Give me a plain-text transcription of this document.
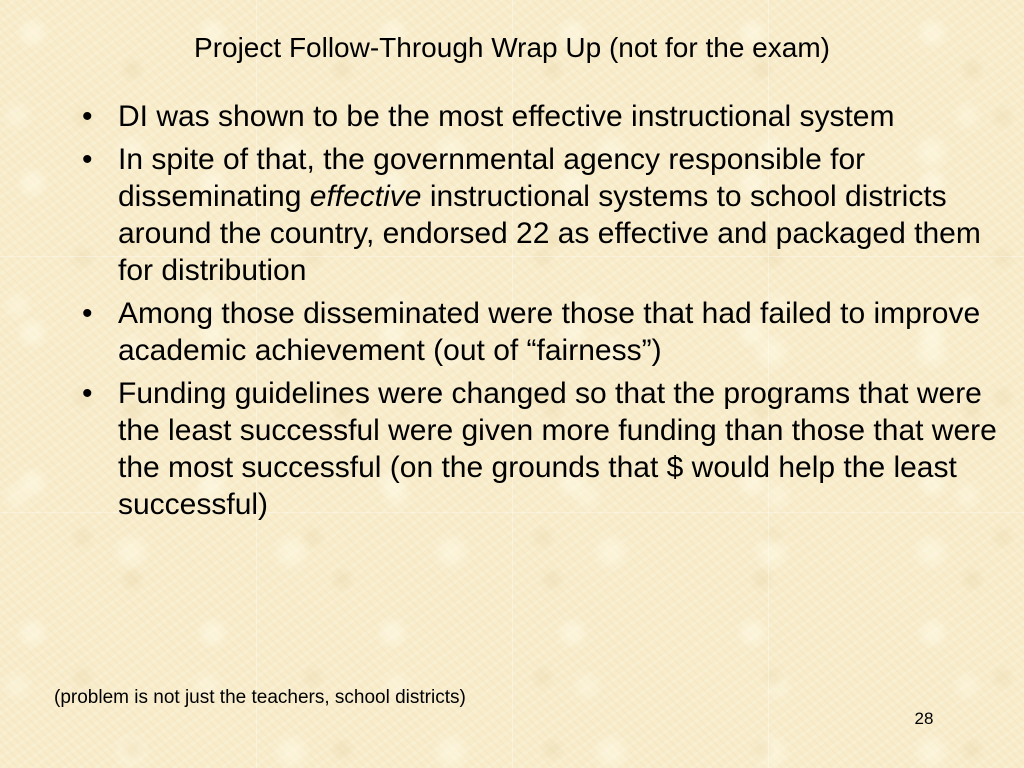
Project Follow-Through Wrap Up (not for the exam)
• DI was shown to be the most effective instructional system
• In spite of that, the governmental agency responsible for disseminating effective instructional systems to school districts around the country, endorsed 22 as effective and packaged them for distribution
• Among those disseminated were those that had failed to improve academic achievement (out of “fairness”)
• Funding guidelines were changed so that the programs that were the least successful were given more funding than those that were the most successful (on the grounds that $ would help the least successful)
(problem is not just the teachers, school districts)
28
